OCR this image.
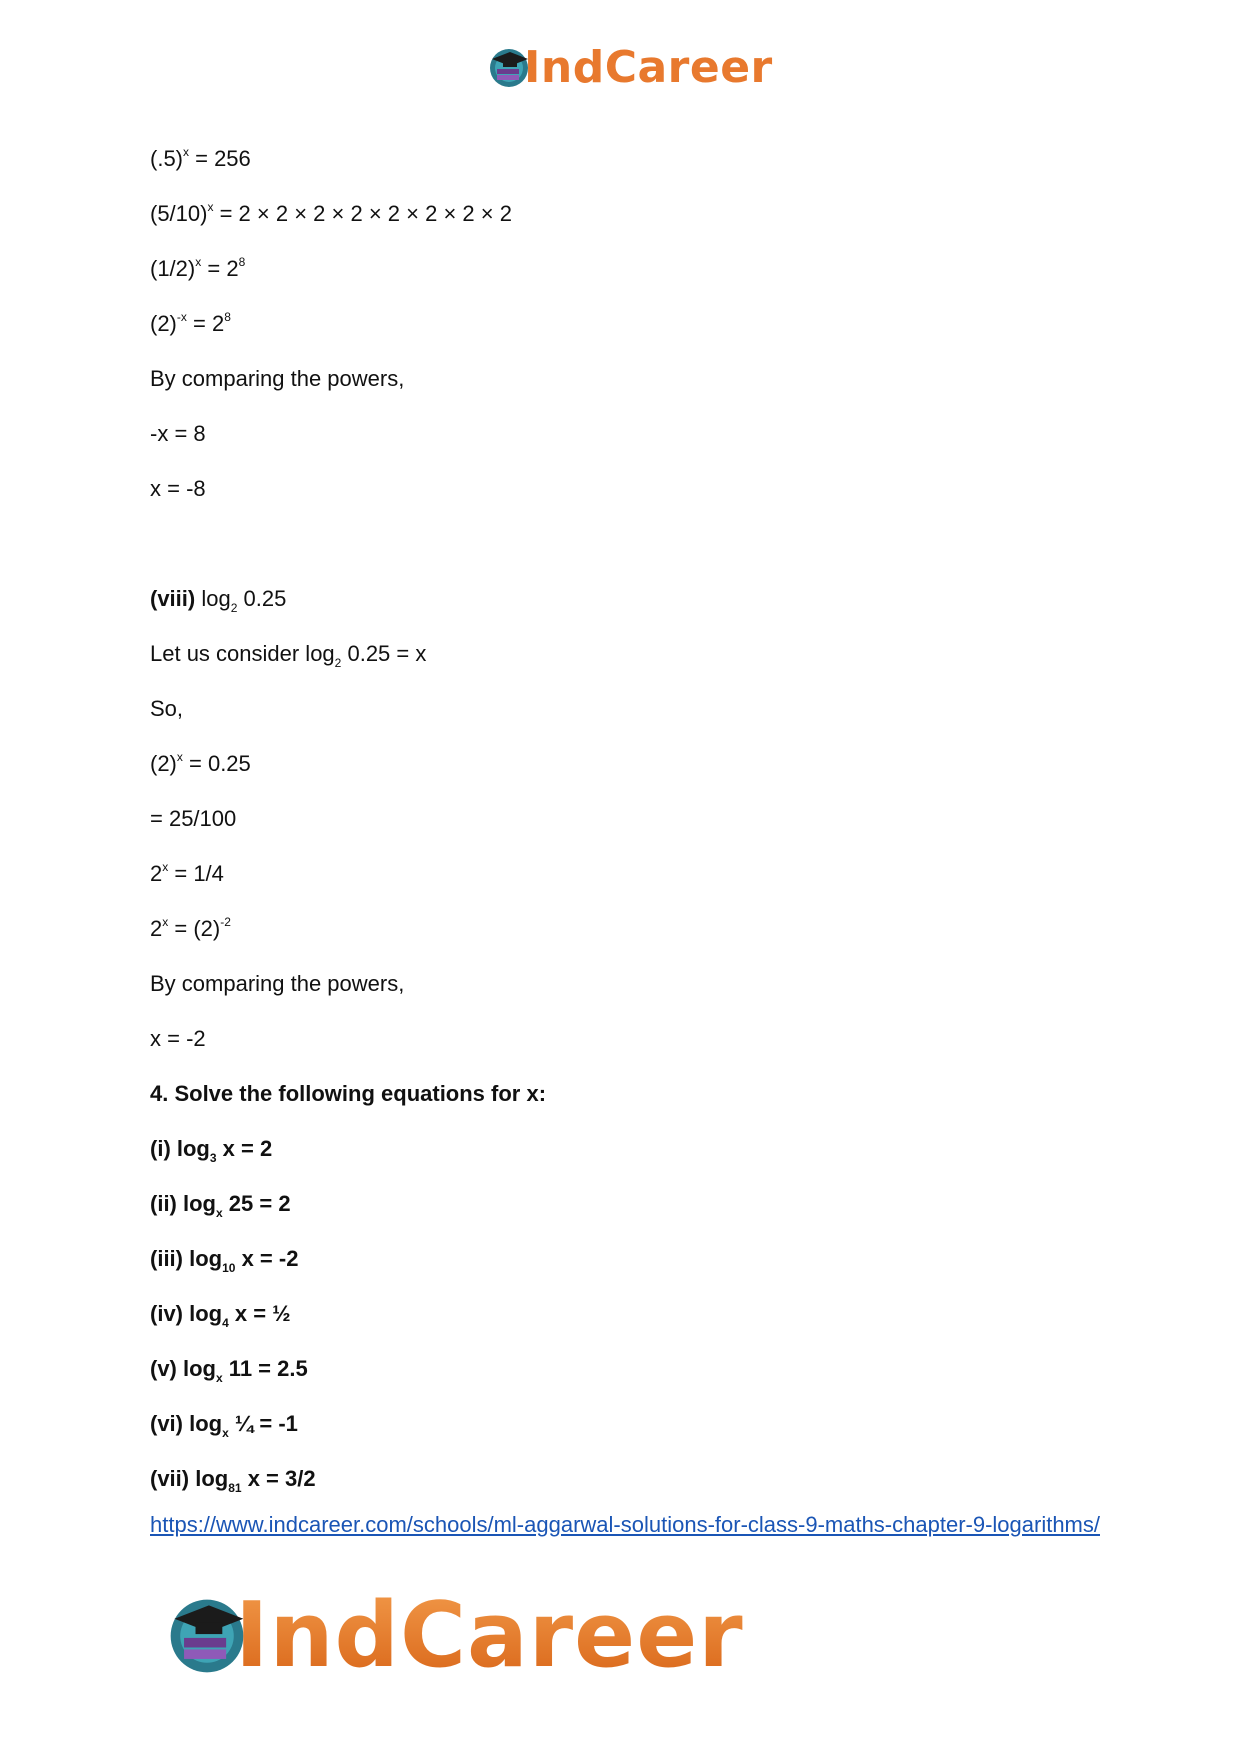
IndCareer
$(.5)^x = 256$
$(5/10)^x = 2 \times 2 \times 2 \times 2 \times 2 \times 2 \times 2 \times 2$
$(1/2)^x = 2^8$
$(2)^{-x} = 2^8$
By comparing the powers,
-x = 8
x = -8
(viii) $\log_2 0.25$
Let us consider $\log_2 0.25 = x$
So,
$(2)^x = 0.25$
= 25/100
$2^x = 1/4$
$2^x = (2)^{-2}$
By comparing the powers,
x = -2
4. Solve the following equations for x:
(i) $\log_3 x = 2$
(ii) $\log_x 25 = 2$
(iii) $\log_{10} x = -2$
(iv) $\log_4 x$ = ½
(v) $\log_x 11 = 2.5$
(vi) $\log_x$ ¼ = -1
(vii) $\log_{81} x = 3/2$
https://www.indcareer.com/schools/ml-aggarwal-solutions-for-class-9-maths-chapter-9-logarithms/
IndCareer
